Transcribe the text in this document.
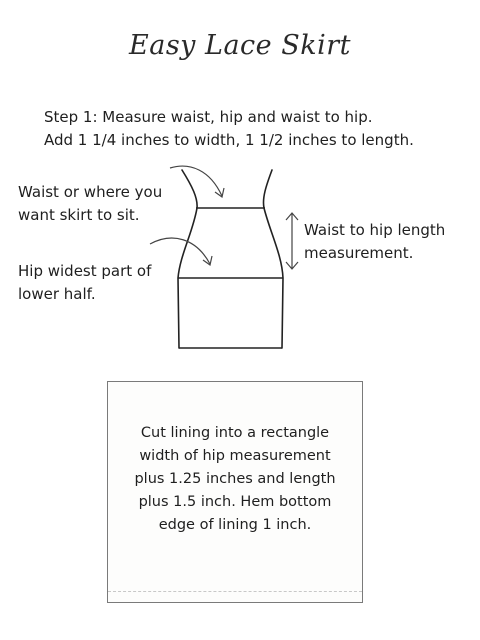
Easy Lace Skirt
Step 1: Measure waist, hip and waist to hip.
Add 1 1/4 inches to width, 1 1/2 inches to length.
Waist or where you
want skirt to sit.
Hip widest part of
lower half.
Waist to hip length
measurement.
Cut lining into a rectangle
width of hip measurement
plus 1.25 inches and length
plus 1.5 inch. Hem bottom
edge of lining 1 inch.
